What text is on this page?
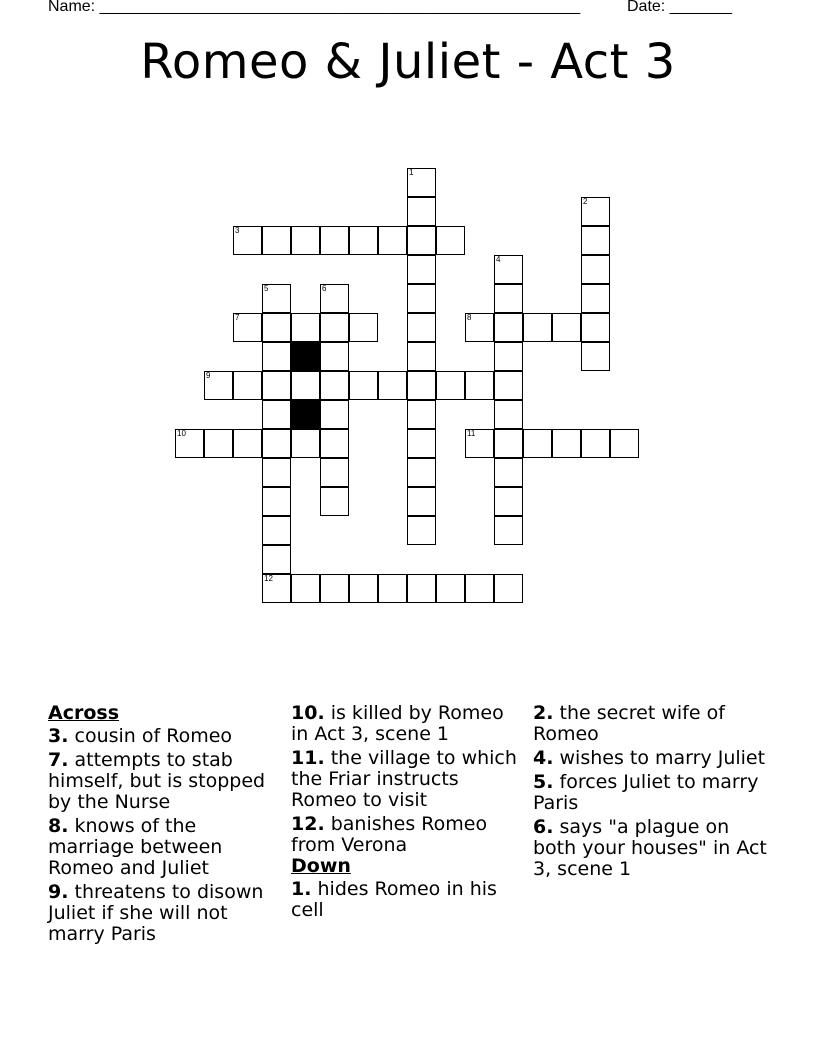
Name: ______________________________________________________	Date: _______
Romeo & Juliet - Act 3
1
2
3
4
5
12
6
7	8
9
10	11
Across
3. cousin of Romeo
7. attempts to stab himself, but is stopped by the Nurse
8. knows of the marriage between Romeo and Juliet
9. threatens to disown Juliet if she will not marry Paris
10. is killed by Romeo in Act 3, scene 1
11. the village to which the Friar instructs Romeo to visit
12. banishes Romeo from Verona
Down
1. hides Romeo in his cell
2. the secret wife of Romeo
4. wishes to marry Juliet
5. forces Juliet to marry Paris
6. says "a plague on both your houses" in Act 3, scene 1
